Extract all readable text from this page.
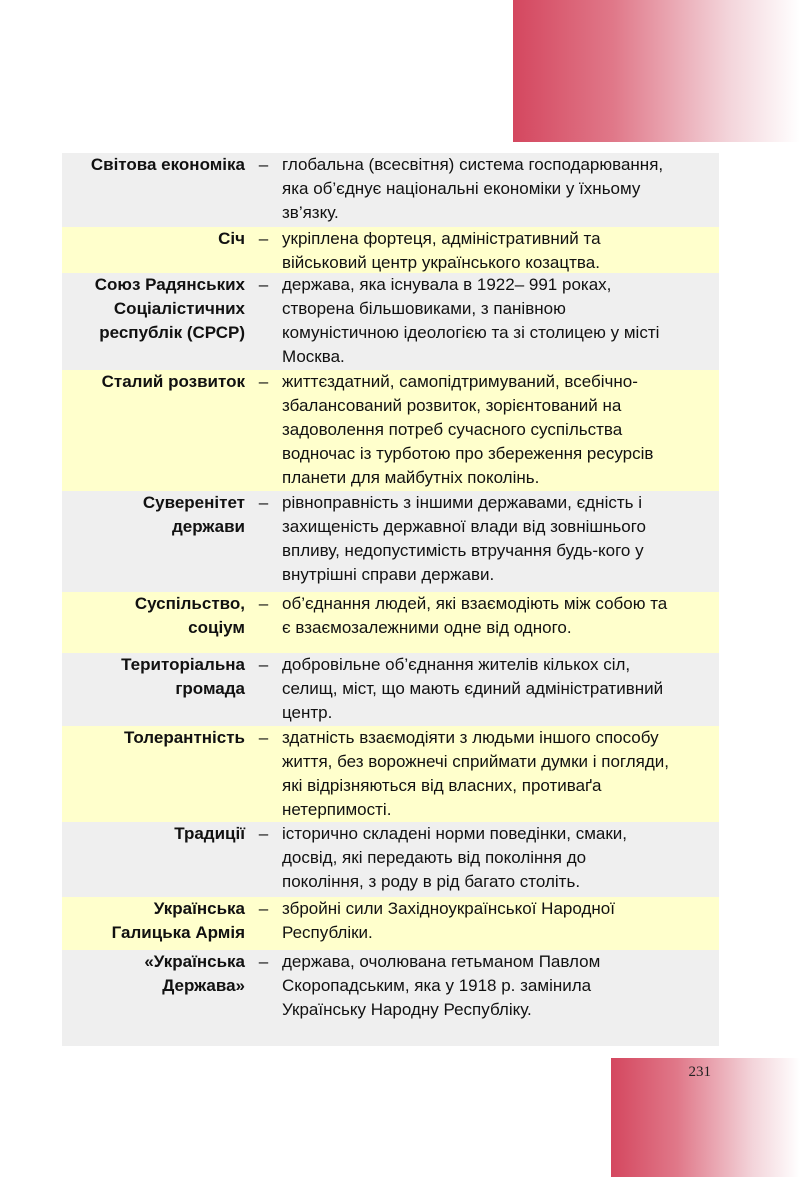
Світова економіка – глобальна (всесвітня) система господарювання,
яка об’єднує національні економіки у їхньому
зв’язку.
Січ – укріплена фортеця, адміністративний та
військовий центр українського козацтва.
Союз Радянських
Соціалістичних
республік (СРСР)
– держава, яка існувала в 1922– 991 роках,
створена більшовиками, з панівною
комуністичною ідеологією та зі столицею у місті
Москва.
Сталий розвиток – життєздатний, самопідтримуваний, всебічно-
збалансований розвиток, зорієнтований на
задоволення потреб сучасного суспільства
водночас із турботою про збереження ресурсів
планети для майбутніх поколінь.
Суверенітет
держави
– рівноправність з іншими державами, єдність і
захищеність державної влади від зовнішнього
впливу, недопустимість втручання будь-кого у
внутрішні справи держави.
Суспільство,
соціум
– об’єднання людей, які взаємодіють між собою та
є взаємозалежними одне від одного.
Територіальна
громада
– добровільне об’єднання жителів кількох сіл,
селищ, міст, що мають єдиний адміністративний
центр.
Толерантність – здатність взаємодіяти з людьми іншого способу
життя, без ворожнечі сприймати думки і погляди,
які відрізняються від власних, противаґа
нетерпимості.
Традиції – історично складені норми поведінки, смаки,
досвід, які передають від покоління до
покоління, з роду в рід багато століть.
Українська
Галицька Армія
– збройні сили Західноукраїнської Народної
Республіки.
«Українська
Держава»
– держава, очолювана гетьманом Павлом
Скоропадським, яка у 1918 р. замінила
Українську Народну Республіку.
231
